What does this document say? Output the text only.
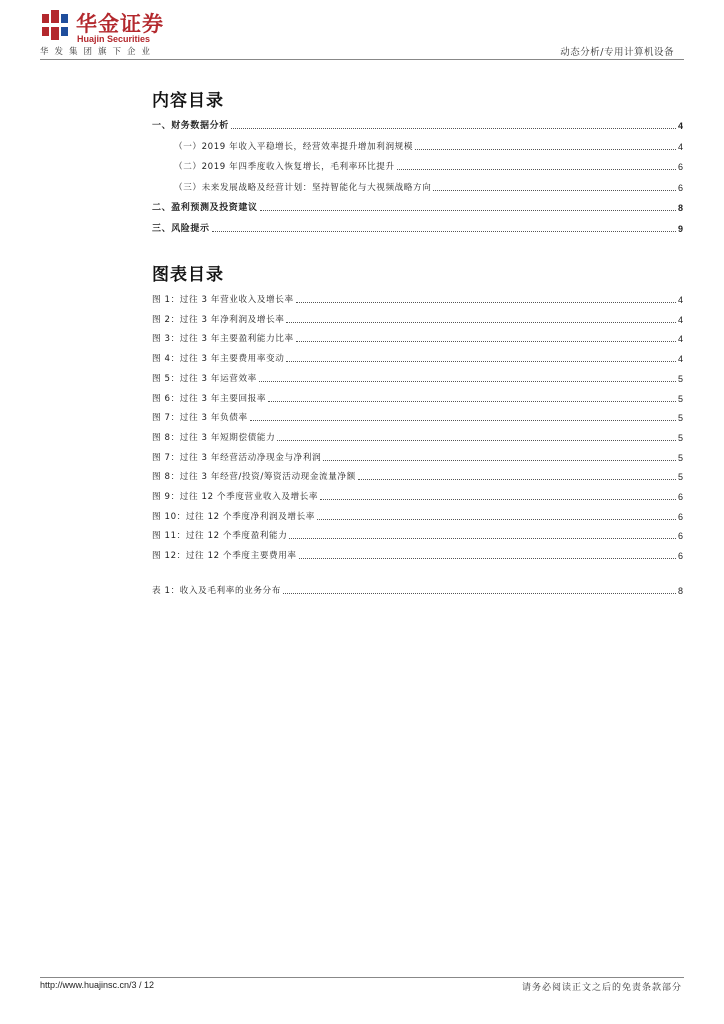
华金证券
Huajin Securities
华发集团旗下企业	动态分析/专用计算机设备
内容目录
一、财务数据分析	4
（一）2019 年收入平稳增长，经营效率提升增加利润规模	4
（二）2019 年四季度收入恢复增长，毛利率环比提升	6
（三）未来发展战略及经营计划：坚持智能化与大视频战略方向	6
二、盈利预测及投资建议	8
三、风险提示	9
图表目录
图 1：过往 3 年营业收入及增长率	4
图 2：过往 3 年净利润及增长率	4
图 3：过往 3 年主要盈利能力比率	4
图 4：过往 3 年主要费用率变动	4
图 5：过往 3 年运营效率	5
图 6：过往 3 年主要回报率	5
图 7：过往 3 年负债率	5
图 8：过往 3 年短期偿债能力	5
图 7：过往 3 年经营活动净现金与净利润	5
图 8：过往 3 年经营/投资/筹资活动现金流量净额	5
图 9：过往 12 个季度营业收入及增长率	6
图 10：过往 12 个季度净利润及增长率	6
图 11：过往 12 个季度盈利能力	6
图 12：过往 12 个季度主要费用率	6
表 1：收入及毛利率的业务分布	8
http://www.huajinsc.cn/3 / 12	请务必阅读正文之后的免责条款部分
